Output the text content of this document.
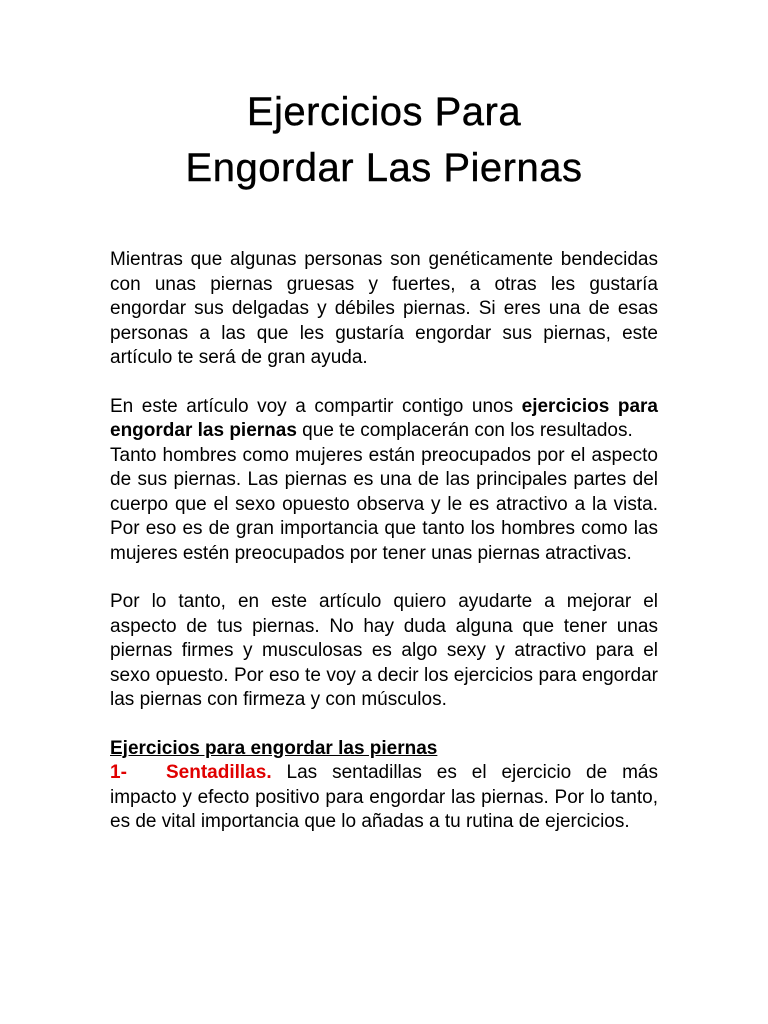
Ejercicios Para
Engordar Las Piernas

Mientras que algunas personas son genéticamente bendecidas con unas piernas gruesas y fuertes, a otras les gustaría engordar sus delgadas y débiles piernas. Si eres una de esas personas a las que les gustaría engordar sus piernas, este artículo te será de gran ayuda.

En este artículo voy a compartir contigo unos ejercicios para engordar las piernas que te complacerán con los resultados.

Tanto hombres como mujeres están preocupados por el aspecto de sus piernas. Las piernas es una de las principales partes del cuerpo que el sexo opuesto observa y le es atractivo a la vista. Por eso es de gran importancia que tanto los hombres como las mujeres estén preocupados por tener unas piernas atractivas.

Por lo tanto, en este artículo quiero ayudarte a mejorar el aspecto de tus piernas. No hay duda alguna que tener unas piernas firmes y musculosas es algo sexy y atractivo para el sexo opuesto. Por eso te voy a decir los ejercicios para engordar las piernas con firmeza y con músculos.

Ejercicios para engordar las piernas

1- Sentadillas. Las sentadillas es el ejercicio de más impacto y efecto positivo para engordar las piernas. Por lo tanto, es de vital importancia que lo añadas a tu rutina de ejercicios.
